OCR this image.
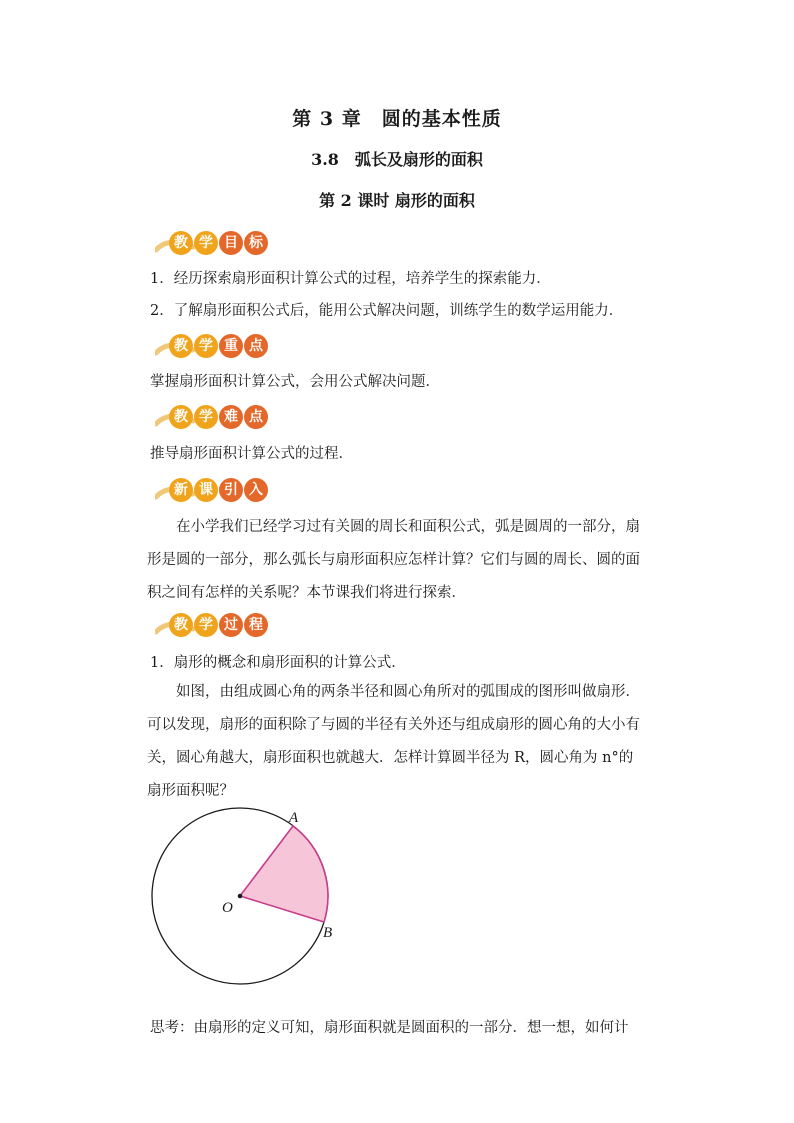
第 3 章　圆的基本性质
3.8　弧长及扇形的面积
第 2 课时 扇形的面积
教 学 目 标
1．经历探索扇形面积计算公式的过程，培养学生的探索能力．
2．了解扇形面积公式后，能用公式解决问题，训练学生的数学运用能力．
教 学 重 点
掌握扇形面积计算公式，会用公式解决问题．
教 学 难 点
推导扇形面积计算公式的过程．
新 课 引 入
　　在小学我们已经学习过有关圆的周长和面积公式，弧是圆周的一部分，扇形是圆的一部分，那么弧长与扇形面积应怎样计算？它们与圆的周长、圆的面积之间有怎样的关系呢？本节课我们将进行探索．
教 学 过 程
1．扇形的概念和扇形面积的计算公式．
　　如图，由组成圆心角的两条半径和圆心角所对的弧围成的图形叫做扇形．可以发现，扇形的面积除了与圆的半径有关外还与组成扇形的圆心角的大小有关，圆心角越大，扇形面积也就越大．怎样计算圆半径为 R，圆心角为 n°的扇形面积呢？
A
B
O
思考：由扇形的定义可知，扇形面积就是圆面积的一部分．想一想，如何计
